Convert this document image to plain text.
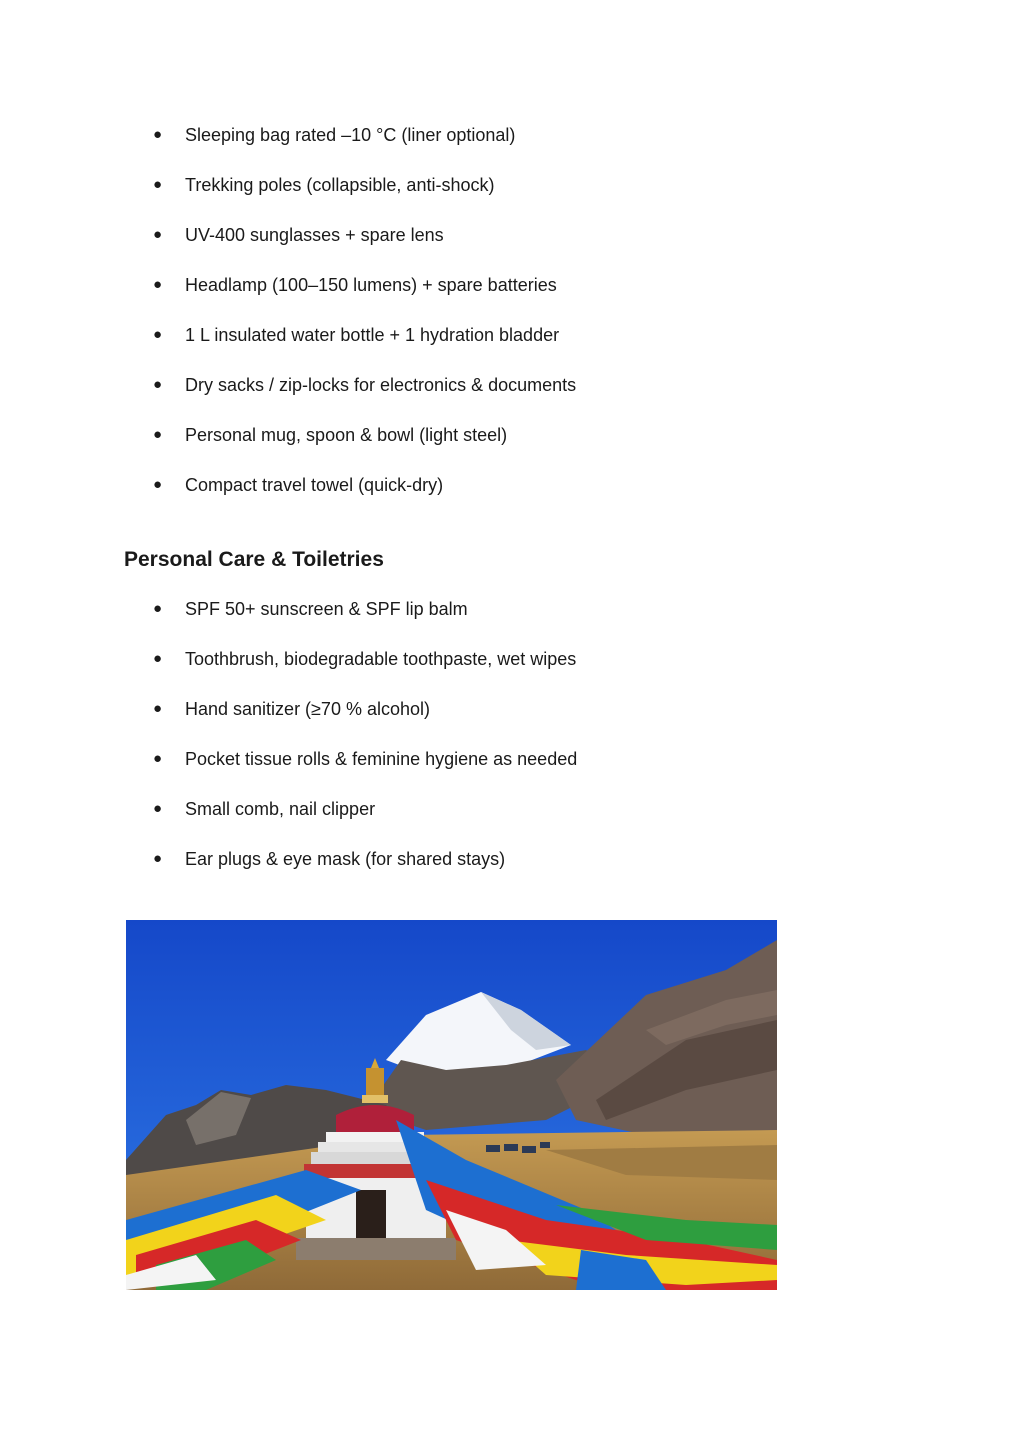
● Sleeping bag rated –10 °C (liner optional)
● Trekking poles (collapsible, anti-shock)
● UV-400 sunglasses + spare lens
● Headlamp (100–150 lumens) + spare batteries
● 1 L insulated water bottle + 1 hydration bladder
● Dry sacks / zip-locks for electronics & documents
● Personal mug, spoon & bowl (light steel)
● Compact travel towel (quick-dry)
Personal Care & Toiletries
● SPF 50+ sunscreen & SPF lip balm
● Toothbrush, biodegradable toothpaste, wet wipes
● Hand sanitizer (≥70 % alcohol)
● Pocket tissue rolls & feminine hygiene as needed
● Small comb, nail clipper
● Ear plugs & eye mask (for shared stays)
